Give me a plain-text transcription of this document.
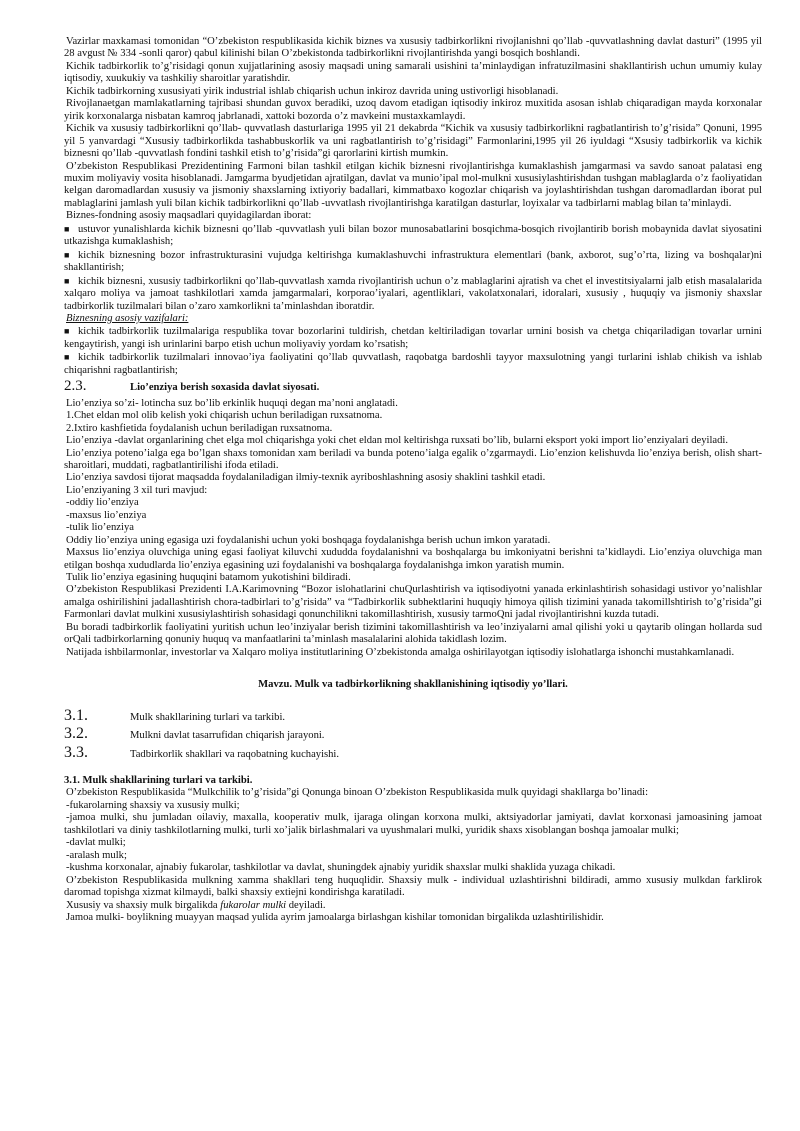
Vazirlar maxkamasi tomonidan “O’zbekiston respublikasida kichik biznes va xususiy tadbirkorlikni rivojlanishni qo’llab -quvvatlashning davlat dasturi” (1995 yil 28 avgust № 334 -sonli qaror) qabul kilinishi bilan O’zbekistonda tadbirkorlikni rivojlantirishda yangi bosqich boshlandi.

Kichik tadbirkorlik to’g’risidagi qonun xujjatlarining asosiy maqsadi uning samarali usishini ta’minlaydigan infratuzilmasini shakllantirish uchun umumiy kulay iqtisodiy, xuukukiy va tashkiliy sharoitlar yaratishdir.

Kichik tadbirkorning xususiyati yirik industrial ishlab chiqarish uchun inkiroz davrida uning ustivorligi hisoblanadi.

Rivojlanaetgan mamlakatlarning tajribasi shundan guvox beradiki, uzoq davom etadigan iqtisodiy inkiroz muxitida asosan ishlab chiqaradigan mayda korxonalar yirik korxonalarga nisbatan kamroq jabrlanadi, xattoki bozorda o’z mavkeini mustaxkamlaydi.

Kichik va xususiy tadbirkorlikni qo’llab- quvvatlash dasturlariga 1995 yil 21 dekabrda “Kichik va xususiy tadbirkorlikni ragbatlantirish to’g’risida” Qonuni, 1995 yil 5 yanvardagi “Xususiy tadbirkorlikda tashabbuskorlik va uni ragbatlantirish to’g’risidagi” Farmonlarini,1995 yil 26 iyuldagi “Xsusiy tadbirkorlik va kichik biznesni qo’llab -quvvatlash fondini tashkil etish to’g’risida”gi qarorlarini kirtish mumkin.

O’zbekiston Respublikasi Prezidentining Farmoni bilan tashkil etilgan kichik biznesni rivojlantirishga kumaklashish jamgarmasi va savdo sanoat palatasi eng muxim moliyaviy vosita hisoblanadi. Jamgarma byudjetidan ajratilgan, davlat va munio’ipal mol-mulkni xususiylashtirishdan tushgan mablaglarda o’z faoliyatidan kelgan daromadlardan xususiy va jismoniy shaxslarning ixtiyoriy badallari, kimmatbaxo kogozlar chiqarish va joylashtirishdan tushgan daromadlardan iborat pul mablaglarini jamlash yuli bilan kichik tadbirkorlikni qo’llab -uvvatlash rivojlantirishga karatilgan dasturlar, loyixalar va tadbirlarni mablag bilan ta’minlaydi.

Biznes-fondning asosiy maqsadlari quyidagilardan iborat:

■ ustuvor yunalishlarda kichik biznesni qo’llab -quvvatlash yuli bilan bozor munosabatlarini bosqichma-bosqich rivojlantirib borish mobaynida davlat siyosatini utkazishga kumaklashish;

■ kichik biznesning bozor infrastrukturasini vujudga keltirishga kumaklashuvchi infrastruktura elementlari (bank, axborot, sug’o’rta, lizing va boshqalar)ni shakllantirish;

■ kichik biznesni, xususiy tadbirkorlikni qo’llab-quvvatlash xamda rivojlantirish uchun o’z mablaglarini ajratish va chet el investitsiyalarni jalb etish masalalarida xalqaro moliya va jamoat tashkilotlari xamda jamgarmalari, korporao’iyalari, agentliklari, vakolatxonalari, idoralari, xususiy , huquqiy va jismoniy shaxslar tadbirkorlik tuzilmalari bilan o’zaro xamkorlikni ta’minlashdan iboratdir.

Biznesning asosiy vazifalari:

■ kichik tadbirkorlik tuzilmalariga respublika tovar bozorlarini tuldirish, chetdan keltiriladigan tovarlar urnini bosish va chetga chiqariladigan tovarlar urnini kengaytirish, yangi ish urinlarini barpo etish uchun moliyaviy yordam ko’rsatish;

■ kichik tadbirkorlik tuzilmalari innovao’iya faoliyatini qo’llab quvvatlash, raqobatga bardoshli tayyor maxsulotning yangi turlarini ishlab chikish va ishlab chiqarishni ragbatlantirish;

2.3.	Lio’enziya berish soxasida davlat siyosati.

Lio’enziya so’zi- lotincha suz bo’lib erkinlik huquqi degan ma’noni anglatadi.

1.Chet eldan mol olib kelish yoki chiqarish uchun beriladigan ruxsatnoma.

2.Ixtiro kashfietida foydalanish uchun beriladigan ruxsatnoma.

Lio’enziya -davlat organlarining chet elga mol chiqarishga yoki chet eldan mol keltirishga ruxsati bo’lib, bularni eksport yoki import lio’enziyalari deyiladi.

Lio’enziya poteno’ialga ega bo’lgan shaxs tomonidan xam beriladi va bunda poteno’ialga egalik o’zgarmaydi. Lio’enzion kelishuvda lio’enziya berish, olish shart-sharoitlari, muddati, ragbatlantirilishi ifoda etiladi.

Lio’enziya savdosi tijorat maqsadda foydalaniladigan ilmiy-texnik ayriboshlashning asosiy shaklini tashkil etadi.

Lio’enziyaning 3 xil turi mavjud:

-oddiy lio’enziya

-maxsus lio’enziya

-tulik lio’enziya

Oddiy lio’enziya uning egasiga uzi foydalanishi uchun yoki boshqaga foydalanishga berish uchun imkon yaratadi.

Maxsus lio’enziya oluvchiga uning egasi faoliyat kiluvchi xududda foydalanishni va boshqalarga bu imkoniyatni berishni ta’kidlaydi. Lio’enziya oluvchiga man etilgan boshqa xududlarda lio’enziya egasining uzi foydalanishi va boshqalarga foydalanishga imkon yaratish mumin.

Tulik lio’enziya egasining huquqini batamom yukotishini bildiradi.

O’zbekiston Respublikasi Prezidenti I.A.Karimovning “Bozor islohatlarini chuQurlashtirish va iqtisodiyotni yanada erkinlashtirish sohasidagi ustivor yo’nalishlar amalga oshirilishini jadallashtirish chora-tadbirlari to’g’risida” va “Tadbirkorlik subhektlarini huquqiy himoya qilish tizimini yanada takomillshtirish to’g’risida”gi Farmonlari davlat mulkini xususiylashtirish sohasidagi qonunchilikni takomillashtirish, xususiy tarmoQni jadal rivojlantirishni kuzda tutadi.

Bu boradi tadbirkorlik faoliyatini yuritish uchun leo’inziyalar berish tizimini takomillashtirish va leo’inziyalarni amal qilishi yoki u qaytarib olingan hollarda sud orQali tadbirkorlarning qonuniy huquq va manfaatlarini ta’minlash masalalarini alohida takidlash lozim.

Natijada ishbilarmonlar, investorlar va Xalqaro moliya institutlarining O’zbekistonda amalga oshirilayotgan iqtisodiy islohatlarga ishonchi mustahkamlanadi.

Mavzu. Mulk va tadbirkorlikning shakllanishining iqtisodiy yo’llari.
3.1.	Mulk shakllarining turlari va tarkibi.
3.2.	Mulkni davlat tasarrufidan chiqarish jarayoni.
3.3.	Tadbirkorlik shakllari va raqobatning kuchayishi.

3.1. Mulk shakllarining turlari va tarkibi.

O’zbekiston Respublikasida “Mulkchilik to’g’risida”gi Qonunga binoan O’zbekiston Respublikasida mulk quyidagi shakllarga bo’linadi:

-fukarolarning shaxsiy va xususiy mulki;

-jamoa mulki, shu jumladan oilaviy, maxalla, kooperativ mulk, ijaraga olingan korxona mulki, aktsiyadorlar jamiyati, davlat korxonasi jamoasining jamoat tashkilotlari va diniy tashkilotlarning mulki, turli xo’jalik birlashmalari va uyushmalari mulki, yuridik shaxs xisoblangan boshqa jamoalar mulki;

-davlat mulki;

-aralash mulk;

-kushma korxonalar, ajnabiy fukarolar, tashkilotlar va davlat, shuningdek ajnabiy yuridik shaxslar mulki shaklida yuzaga chikadi.

O’zbekiston Respublikasida mulkning xamma shakllari teng huquqlidir. Shaxsiy mulk - individual uzlashtirishni bildiradi, ammo xususiy mulkdan farklirok daromad topishga xizmat kilmaydi, balki shaxsiy extiejni kondirishga karatiladi.

Xususiy va shaxsiy mulk birgalikda fukarolar mulki deyiladi.

Jamoa mulki- boylikning muayyan maqsad yulida ayrim jamoalarga birlashgan kishilar tomonidan birgalikda uzlashtirilishidir.
